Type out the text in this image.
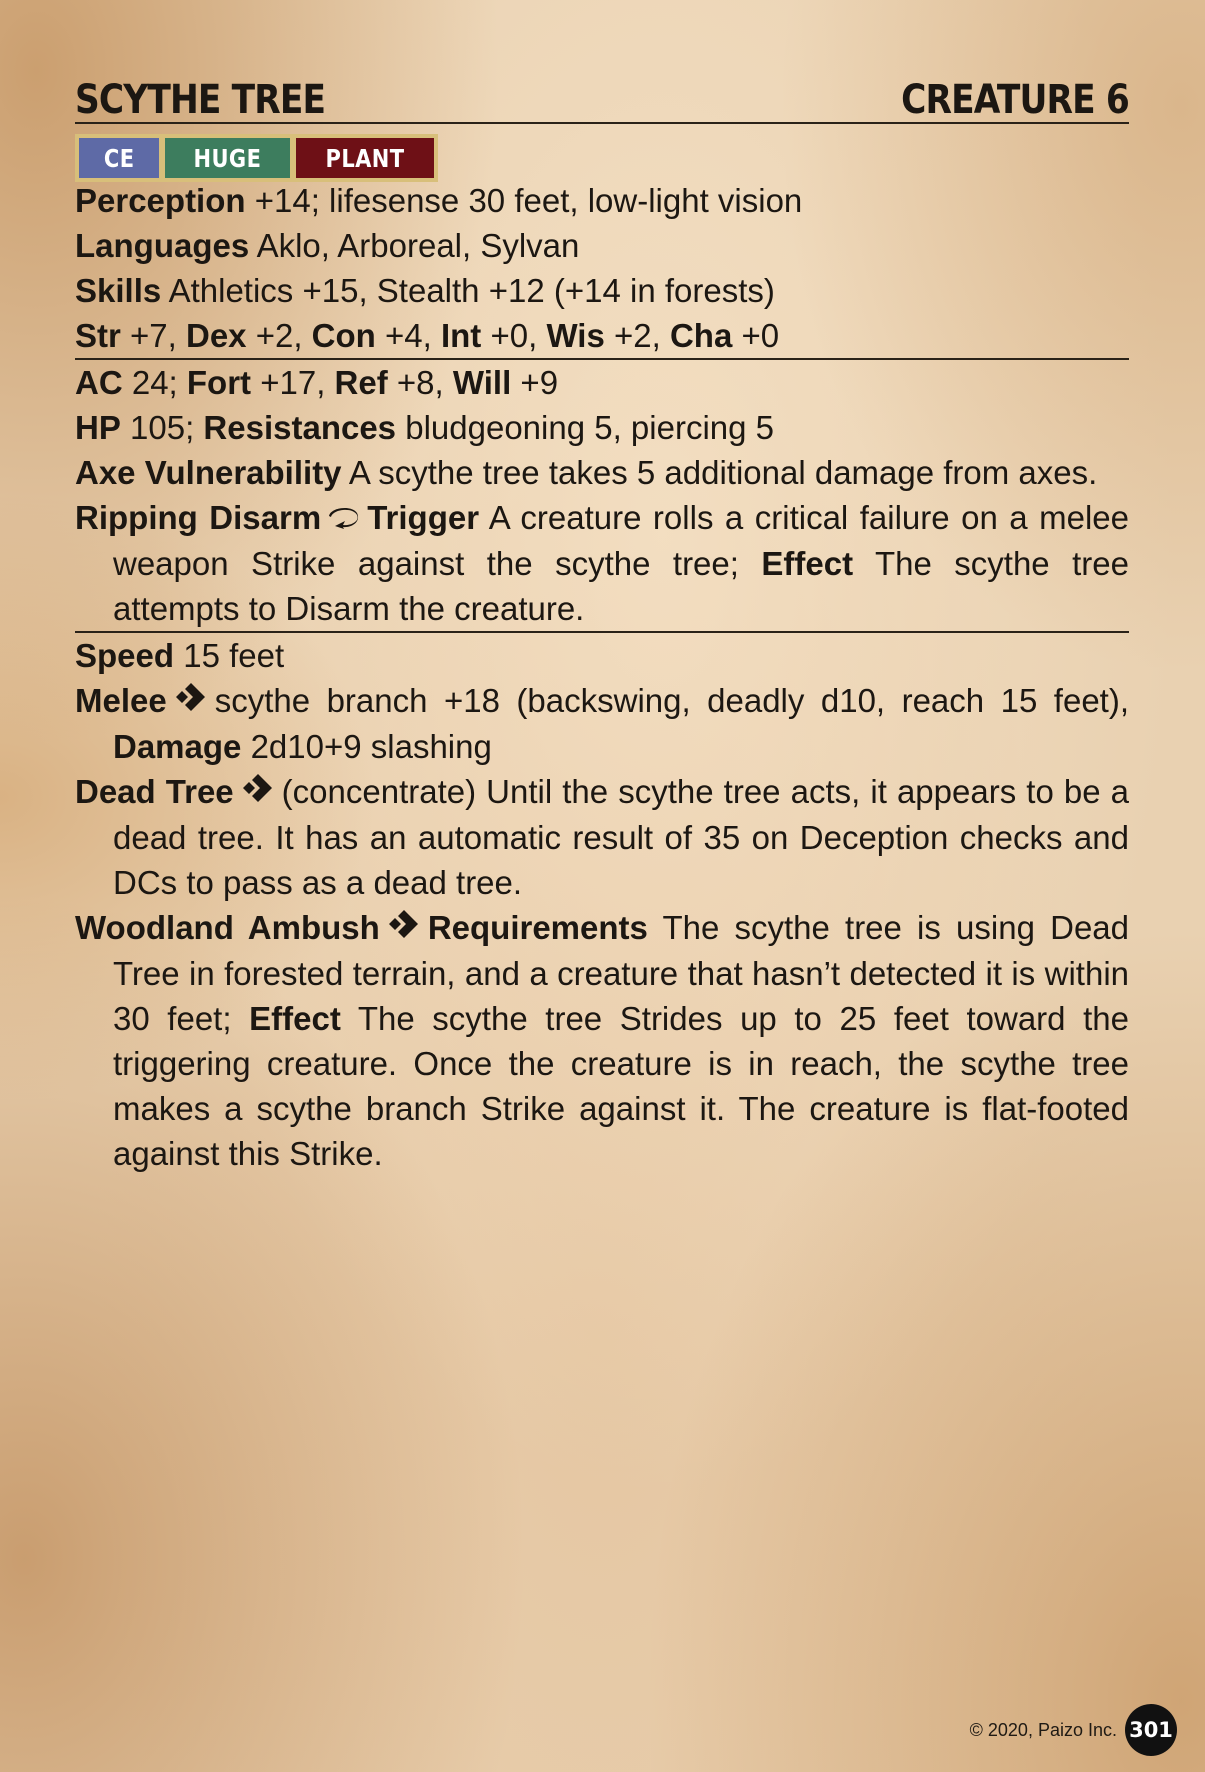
SCYTHE TREE	CREATURE 6
CE HUGE	PLANT
Perception +14; lifesense 30 feet, low-light vision
Languages Aklo, Arboreal, Sylvan
Skills Athletics +15, Stealth +12 (+14 in forests)
Str +7, Dex +2, Con +4, Int +0, Wis +2, Cha +0
AC 24; Fort +17, Ref +8, Will +9
HP 105; Resistances bludgeoning 5, piercing 5
Axe Vulnerability A scythe tree takes 5 additional damage from axes.
Ripping Disarm Trigger A creature rolls a critical failure on a melee weapon Strike against the scythe tree; Effect The scythe tree attempts to Disarm the creature.
Speed 15 feet
Melee scythe branch +18 (backswing, deadly d10, reach 15 feet), Damage 2d10+9 slashing
Dead Tree (concentrate) Until the scythe tree acts, it appears to be a dead tree. It has an automatic result of 35 on Deception checks and DCs to pass as a dead tree.
Woodland Ambush Requirements The scythe tree is using Dead Tree in forested terrain, and a creature that hasn’t detected it is within 30 feet; Effect The scythe tree Strides up to 25 feet toward the triggering creature. Once the creature is in reach, the scythe tree makes a scythe branch Strike against it. The creature is flat-footed against this Strike.
© 2020, Paizo Inc. 301
